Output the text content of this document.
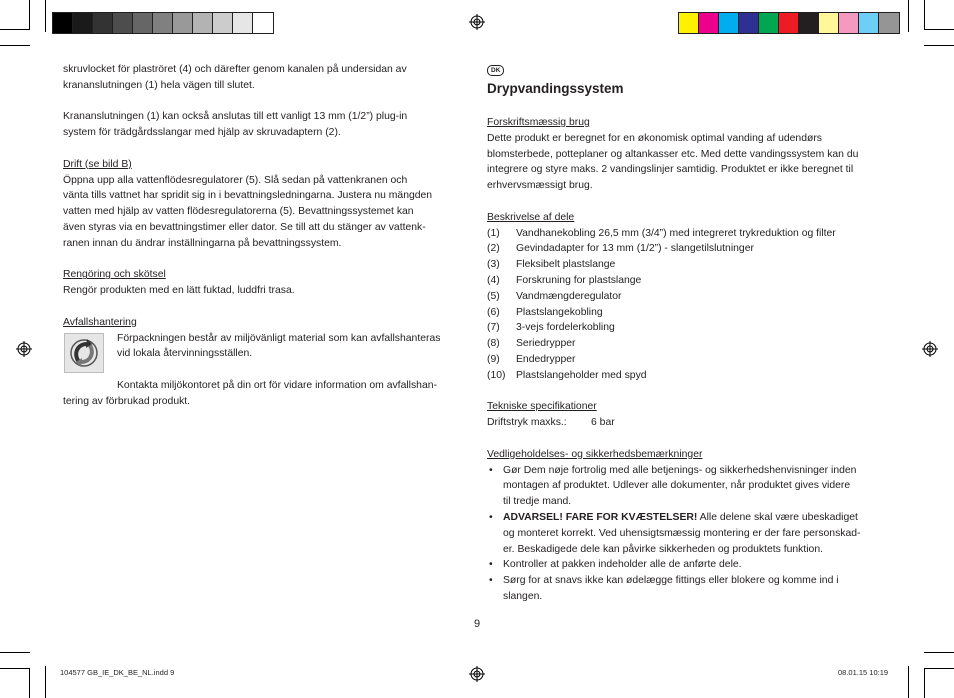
skruvlocket för plaströret (4) och därefter genom kanalen på undersidan av

krananslutningen (1) hela vägen till slutet.

Krananslutningen (1) kan också anslutas till ett vanligt 13 mm (1/2”) plug-in

system för trädgårdsslangar med hjälp av skruvadaptern (2).

Drift (se bild B)

Öppna upp alla vattenflödesregulatorer (5). Slå sedan på vattenkranen och

vänta tills vattnet har spridit sig in i bevattningsledningarna. Justera nu mängden

vatten med hjälp av vatten flödesregulatorerna (5). Bevattningssystemet kan

även styras via en bevattningstimer eller dator. Se till att du stänger av vattenk-

ranen innan du ändrar inställningarna på bevattningssystem.

Rengöring och skötsel

Rengör produkten med en lätt fuktad, luddfri trasa.

Avfallshantering

Förpackningen består av miljövänligt material som kan avfallshanteras

vid lokala återvinningsställen.

Kontakta miljökontoret på din ort för vidare information om avfallshan-

tering av förbrukad produkt.

DK
Drypvandingssystem

Forskriftsmæssig brug

Dette produkt er beregnet for en økonomisk optimal vanding af udendørs

blomsterbede, potteplaner og altankasser etc. Med dette vandingssystem kan du

integrere og styre maks. 2 vandingslinjer samtidig. Produktet er ikke beregnet til

erhvervsmæssigt brug.

Beskrivelse af dele

(1)	Vandhanekobling 26,5 mm (3/4”) med integreret trykreduktion og filter
(2)	Gevindadapter for 13 mm (1/2”) - slangetilslutninger
(3)	Fleksibelt plastslange
(4)	Forskruning for plastslange
(5)	Vandmængderegulator
(6)	Plastslangekobling
(7)	3-vejs fordelerkobling
(8)	Seriedrypper
(9)	Endedrypper
(10)	Plastslangeholder med spyd

Tekniske specifikationer

Driftstryk maxks.:	6 bar

Vedligeholdelses- og sikkerhedsbemærkninger

• Gør Dem nøje fortrolig med alle betjenings- og sikkerhedshenvisninger inden

montagen af produktet. Udlever alle dokumenter, når produktet gives videre

til tredje mand.

• ADVARSEL! FARE FOR KVÆSTELSER! Alle delene skal være ubeskadiget

og monteret korrekt. Ved uhensigtsmæssig montering er der fare personskad-

er. Beskadigede dele kan påvirke sikkerheden og produktets funktion.

• Kontroller at pakken indeholder alle de anførte dele.

• Sørg for at snavs ikke kan ødelægge fittings eller blokere og komme ind i

slangen.

9
104577 GB_IE_DK_BE_NL.indd 9	08.01.15 10:19
